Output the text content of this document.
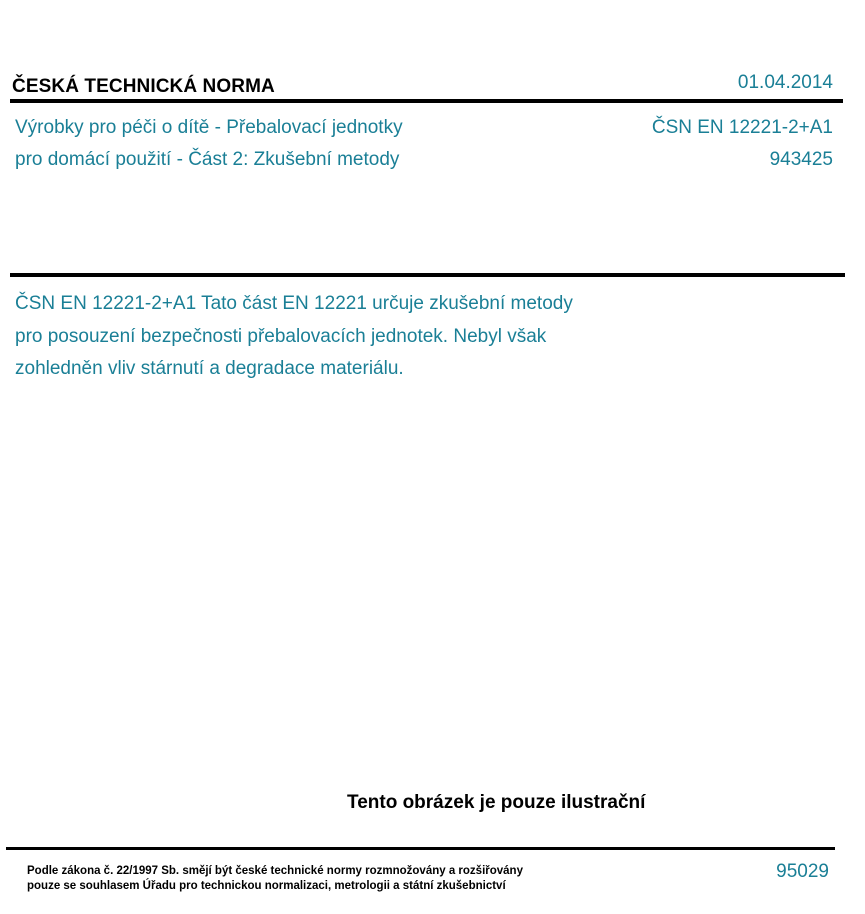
ČESKÁ TECHNICKÁ NORMA	01.04.2014
Výrobky pro péči o dítě - Přebalovací jednotky
pro domácí použití - Část 2: Zkušební metody
ČSN EN 12221-2+A1
943425
ČSN EN 12221-2+A1 Tato část EN 12221 určuje zkušební metody
pro posouzení bezpečnosti přebalovacích jednotek. Nebyl však
zohledněn vliv stárnutí a degradace materiálu.
Tento obrázek je pouze ilustrační
Podle zákona č. 22/1997 Sb. smějí být české technické normy rozmnožovány a rozšiřovány
pouze se souhlasem Úřadu pro technickou normalizaci, metrologii a státní zkušebnictví
95029
